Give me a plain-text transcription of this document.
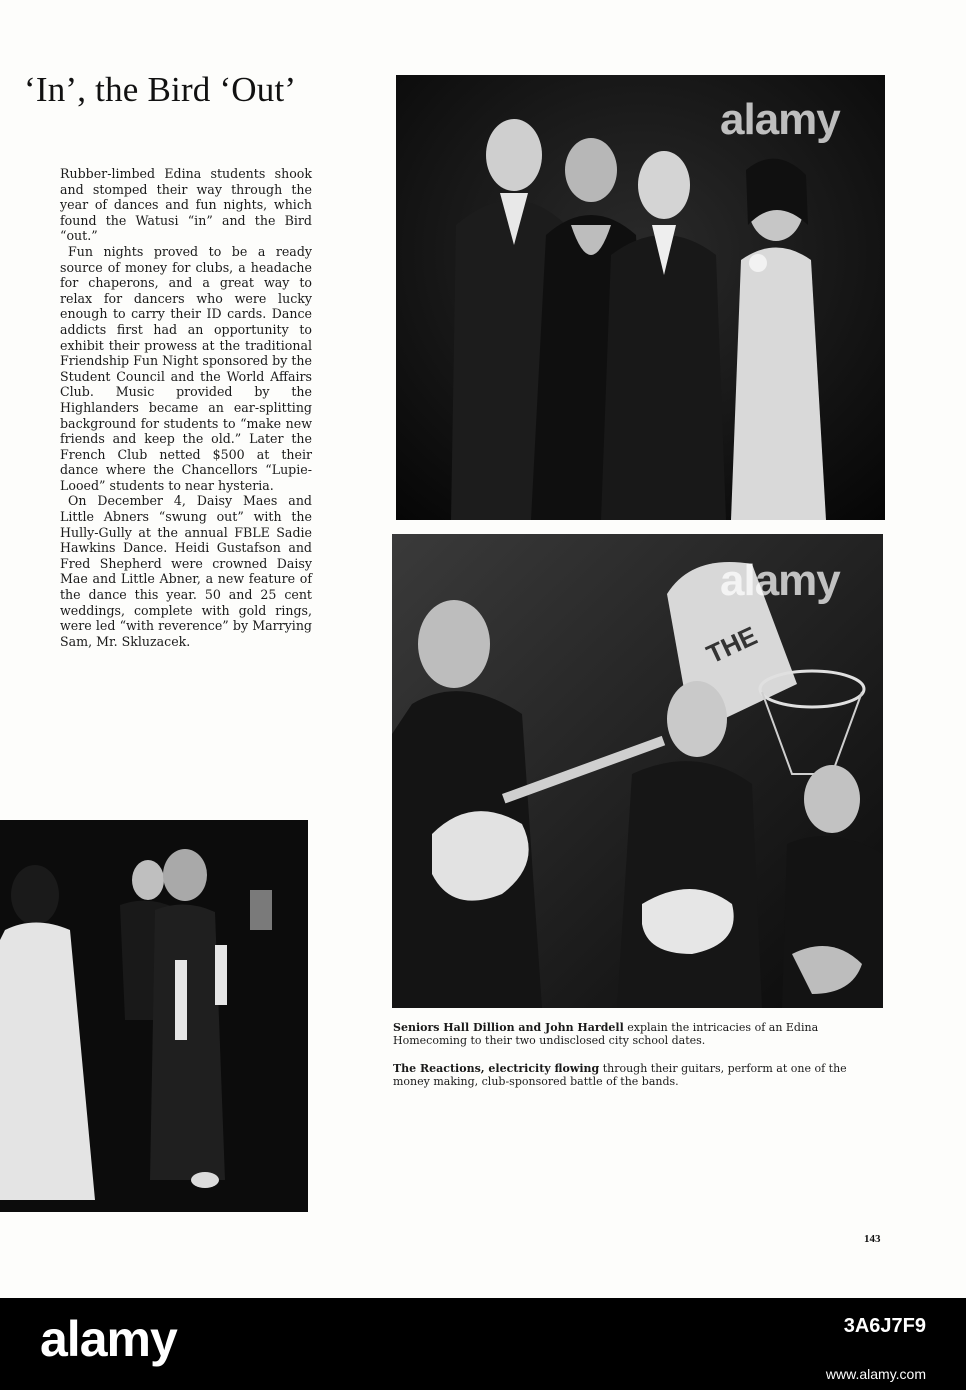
‘In’, the Bird ‘Out’

Rubber-limbed Edina students shook and stomped their way through the year of dances and fun nights, which found the Watusi “in” and the Bird “out.”

Fun nights proved to be a ready source of money for clubs, a headache for chaperons, and a great way to relax for dancers who were lucky enough to carry their ID cards. Dance addicts first had an opportunity to exhibit their prowess at the traditional Friendship Fun Night sponsored by the Student Council and the World Affairs Club. Music provided by the Highlanders became an ear-splitting background for students to “make new friends and keep the old.” Later the French Club netted $500 at their dance where the Chancellors “Lupie-Looed” students to near hysteria.

On December 4, Daisy Maes and Little Abners “swung out” with the Hully-Gully at the annual FBLE Sadie Hawkins Dance. Heidi Gustafson and Fred Shepherd were crowned Daisy Mae and Little Abner, a new feature of the dance this year. 50 and 25 cent weddings, complete with gold rings, were led “with reverence” by Marrying Sam, Mr. Skluzacek.

alamy
THE
alamy
Seniors Hall Dillion and John Hardell explain the intricacies of an Edina Homecoming to their two undisclosed city school dates.
The Reactions, electricity flowing through their guitars, perform at one of the money making, club-sponsored battle of the bands.
143
alamy	3A6J7F9
www.alamy.com
